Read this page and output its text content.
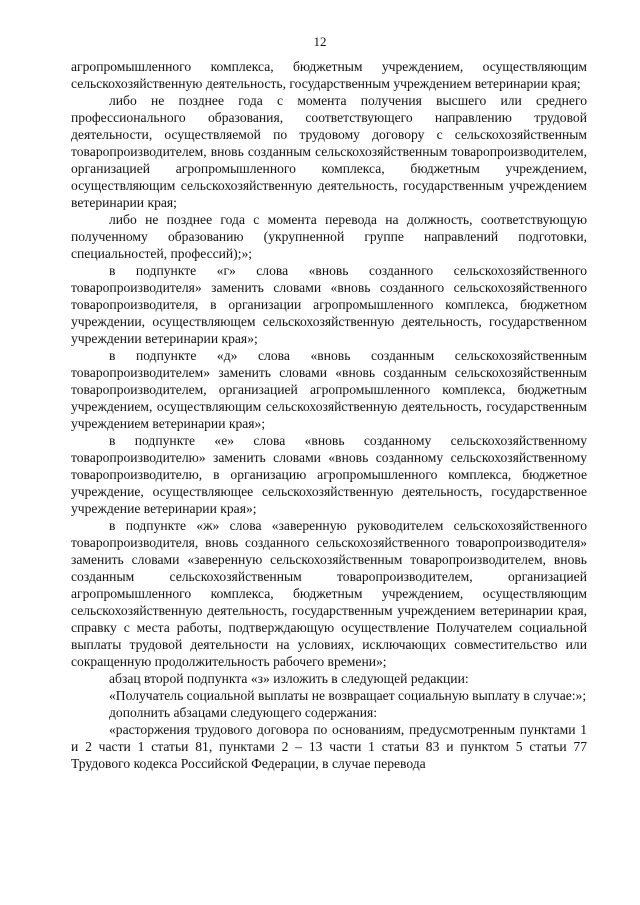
12

агропромышленного комплекса, бюджетным учреждением, осуществляющим сельскохозяйственную деятельность, государственным учреждением ветеринарии края;

либо не позднее года с момента получения высшего или среднего профессионального образования, соответствующего направлению трудовой деятельности, осуществляемой по трудовому договору с сельскохозяйственным товаропроизводителем, вновь созданным сельскохозяйственным товаропроизводителем, организацией агропромышленного комплекса, бюджетным учреждением, осуществляющим сельскохозяйственную деятельность, государственным учреждением ветеринарии края;

либо не позднее года с момента перевода на должность, соответствующую полученному образованию (укрупненной группе направлений подготовки, специальностей, профессий);»;

в подпункте «г» слова «вновь созданного сельскохозяйственного товаропроизводителя» заменить словами «вновь созданного сельскохозяйственного товаропроизводителя, в организации агропромышленного комплекса, бюджетном учреждении, осуществляющем сельскохозяйственную деятельность, государственном учреждении ветеринарии края»;

в подпункте «д» слова «вновь созданным сельскохозяйственным товаропроизводителем» заменить словами «вновь созданным сельскохозяйственным товаропроизводителем, организацией агропромышленного комплекса, бюджетным учреждением, осуществляющим сельскохозяйственную деятельность, государственным учреждением ветеринарии края»;

в подпункте «е» слова «вновь созданному сельскохозяйственному товаропроизводителю» заменить словами «вновь созданному сельскохозяйственному товаропроизводителю, в организацию агропромышленного комплекса, бюджетное учреждение, осуществляющее сельскохозяйственную деятельность, государственное учреждение ветеринарии края»;

в подпункте «ж» слова «заверенную руководителем сельскохозяйственного товаропроизводителя, вновь созданного сельскохозяйственного товаропроизводителя» заменить словами «заверенную сельскохозяйственным товаропроизводителем, вновь созданным сельскохозяйственным товаропроизводителем, организацией агропромышленного комплекса, бюджетным учреждением, осуществляющим сельскохозяйственную деятельность, государственным учреждением ветеринарии края, справку с места работы, подтверждающую осуществление Получателем социальной выплаты трудовой деятельности на условиях, исключающих совместительство или сокращенную продолжительность рабочего времени»;

абзац второй подпункта «з» изложить в следующей редакции:

«Получатель социальной выплаты не возвращает социальную выплату в случае:»;

дополнить абзацами следующего содержания:

«расторжения трудового договора по основаниям, предусмотренным пунктами 1 и 2 части 1 статьи 81, пунктами 2 – 13 части 1 статьи 83 и пунктом 5 статьи 77 Трудового кодекса Российской Федерации, в случае перевода
